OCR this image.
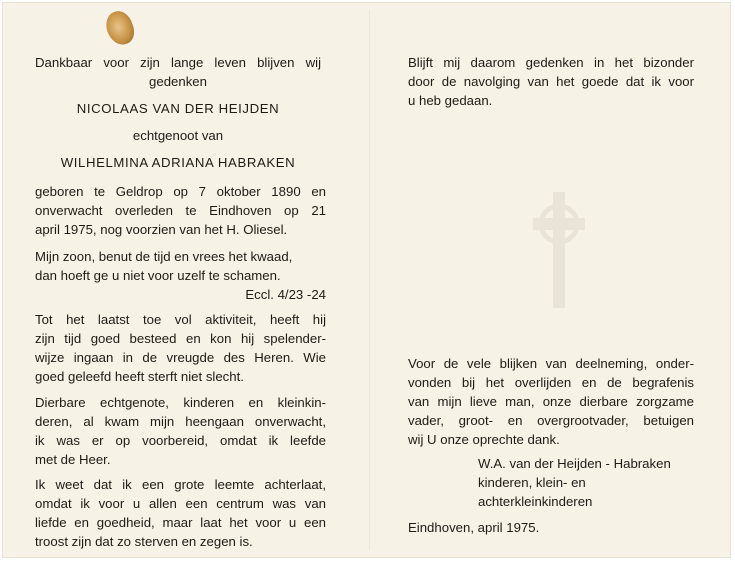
Dankbaar voor zijn lange leven blijven wij

gedenken

NICOLAAS VAN DER HEIJDEN

echtgenoot van

WILHELMINA ADRIANA HABRAKEN

geboren te Geldrop op 7 oktober 1890 en

onverwacht overleden te Eindhoven op 21

april 1975, nog voorzien van het H. Oliesel.

Mijn zoon, benut de tijd en vrees het kwaad,

dan hoeft ge u niet voor uzelf te schamen.

Eccl. 4/23 -24

Tot het laatst toe vol aktiviteit, heeft hij

zijn tijd goed besteed en kon hij spelender-

wijze ingaan in de vreugde des Heren. Wie

goed geleefd heeft sterft niet slecht.

Dierbare echtgenote, kinderen en kleinkin-

deren, al kwam mijn heengaan onverwacht,

ik was er op voorbereid, omdat ik leefde

met de Heer.

Ik weet dat ik een grote leemte achterlaat,

omdat ik voor u allen een centrum was van

liefde en goedheid, maar laat het voor u een

troost zijn dat zo sterven en zegen is.

Blijft mij daarom gedenken in het bizonder

door de navolging van het goede dat ik voor

u heb gedaan.

Voor de vele blijken van deelneming, onder-

vonden bij het overlijden en de begrafenis

van mijn lieve man, onze dierbare zorgzame

vader, groot- en overgrootvader, betuigen

wij U onze oprechte dank.

W.A. van der Heijden - Habraken

kinderen, klein- en

achterkleinkinderen

Eindhoven, april 1975.
